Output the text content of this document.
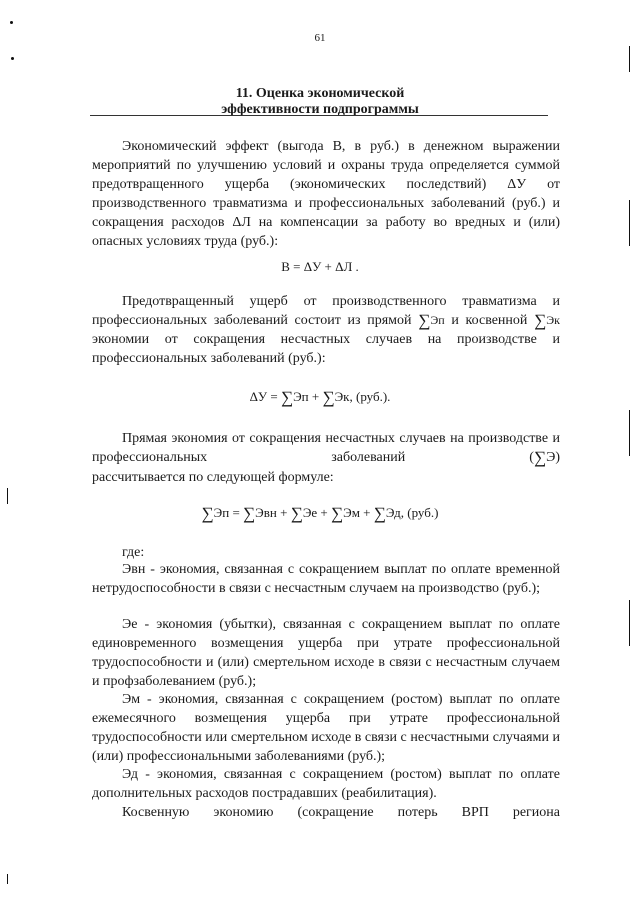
61
11. Оценка экономической
эффективности подпрограммы
Экономический эффект (выгода В, в руб.) в денежном выражении мероприятий по улучшению условий и охраны труда определяется суммой предотвращенного ущерба (экономических последствий) ΔУ от производственного травматизма и профессиональных заболеваний (руб.) и сокращения расходов ΔЛ на компенсации за работу во вредных и (или) опасных условиях труда (руб.):
В = ΔУ + ΔЛ .
Предотвращенный ущерб от производственного травматизма и профессиональных заболеваний состоит из прямой ∑Эп и косвенной ∑Эк экономии от сокращения несчастных случаев на производстве и профессиональных заболеваний (руб.):
ΔУ = ∑Эп + ∑Эк, (руб.).
Прямая экономия от сокращения несчастных случаев на производстве и профессиональных заболеваний	(∑Э)
рассчитывается по следующей формуле:
∑Эп = ∑Эвн + ∑Эе + ∑Эм + ∑Эд, (руб.)
где:
Эвн - экономия, связанная с сокращением выплат по оплате временной нетрудоспособности в связи с несчастным случаем на производство (руб.);
Эе - экономия (убытки), связанная с сокращением выплат по оплате единовременного возмещения ущерба при утрате профессиональной трудоспособности и (или) смертельном исходе в связи с несчастным случаем и профзаболеванием (руб.);
Эм - экономия, связанная с сокращением (ростом) выплат по оплате ежемесячного возмещения ущерба при утрате профессиональной трудоспособности или смертельном исходе в связи с несчастными случаями и (или) профессиональными заболеваниями (руб.);
Эд - экономия, связанная с сокращением (ростом) выплат по оплате дополнительных расходов пострадавших (реабилитация).
Косвенную экономию (сокращение потерь ВРП региона
